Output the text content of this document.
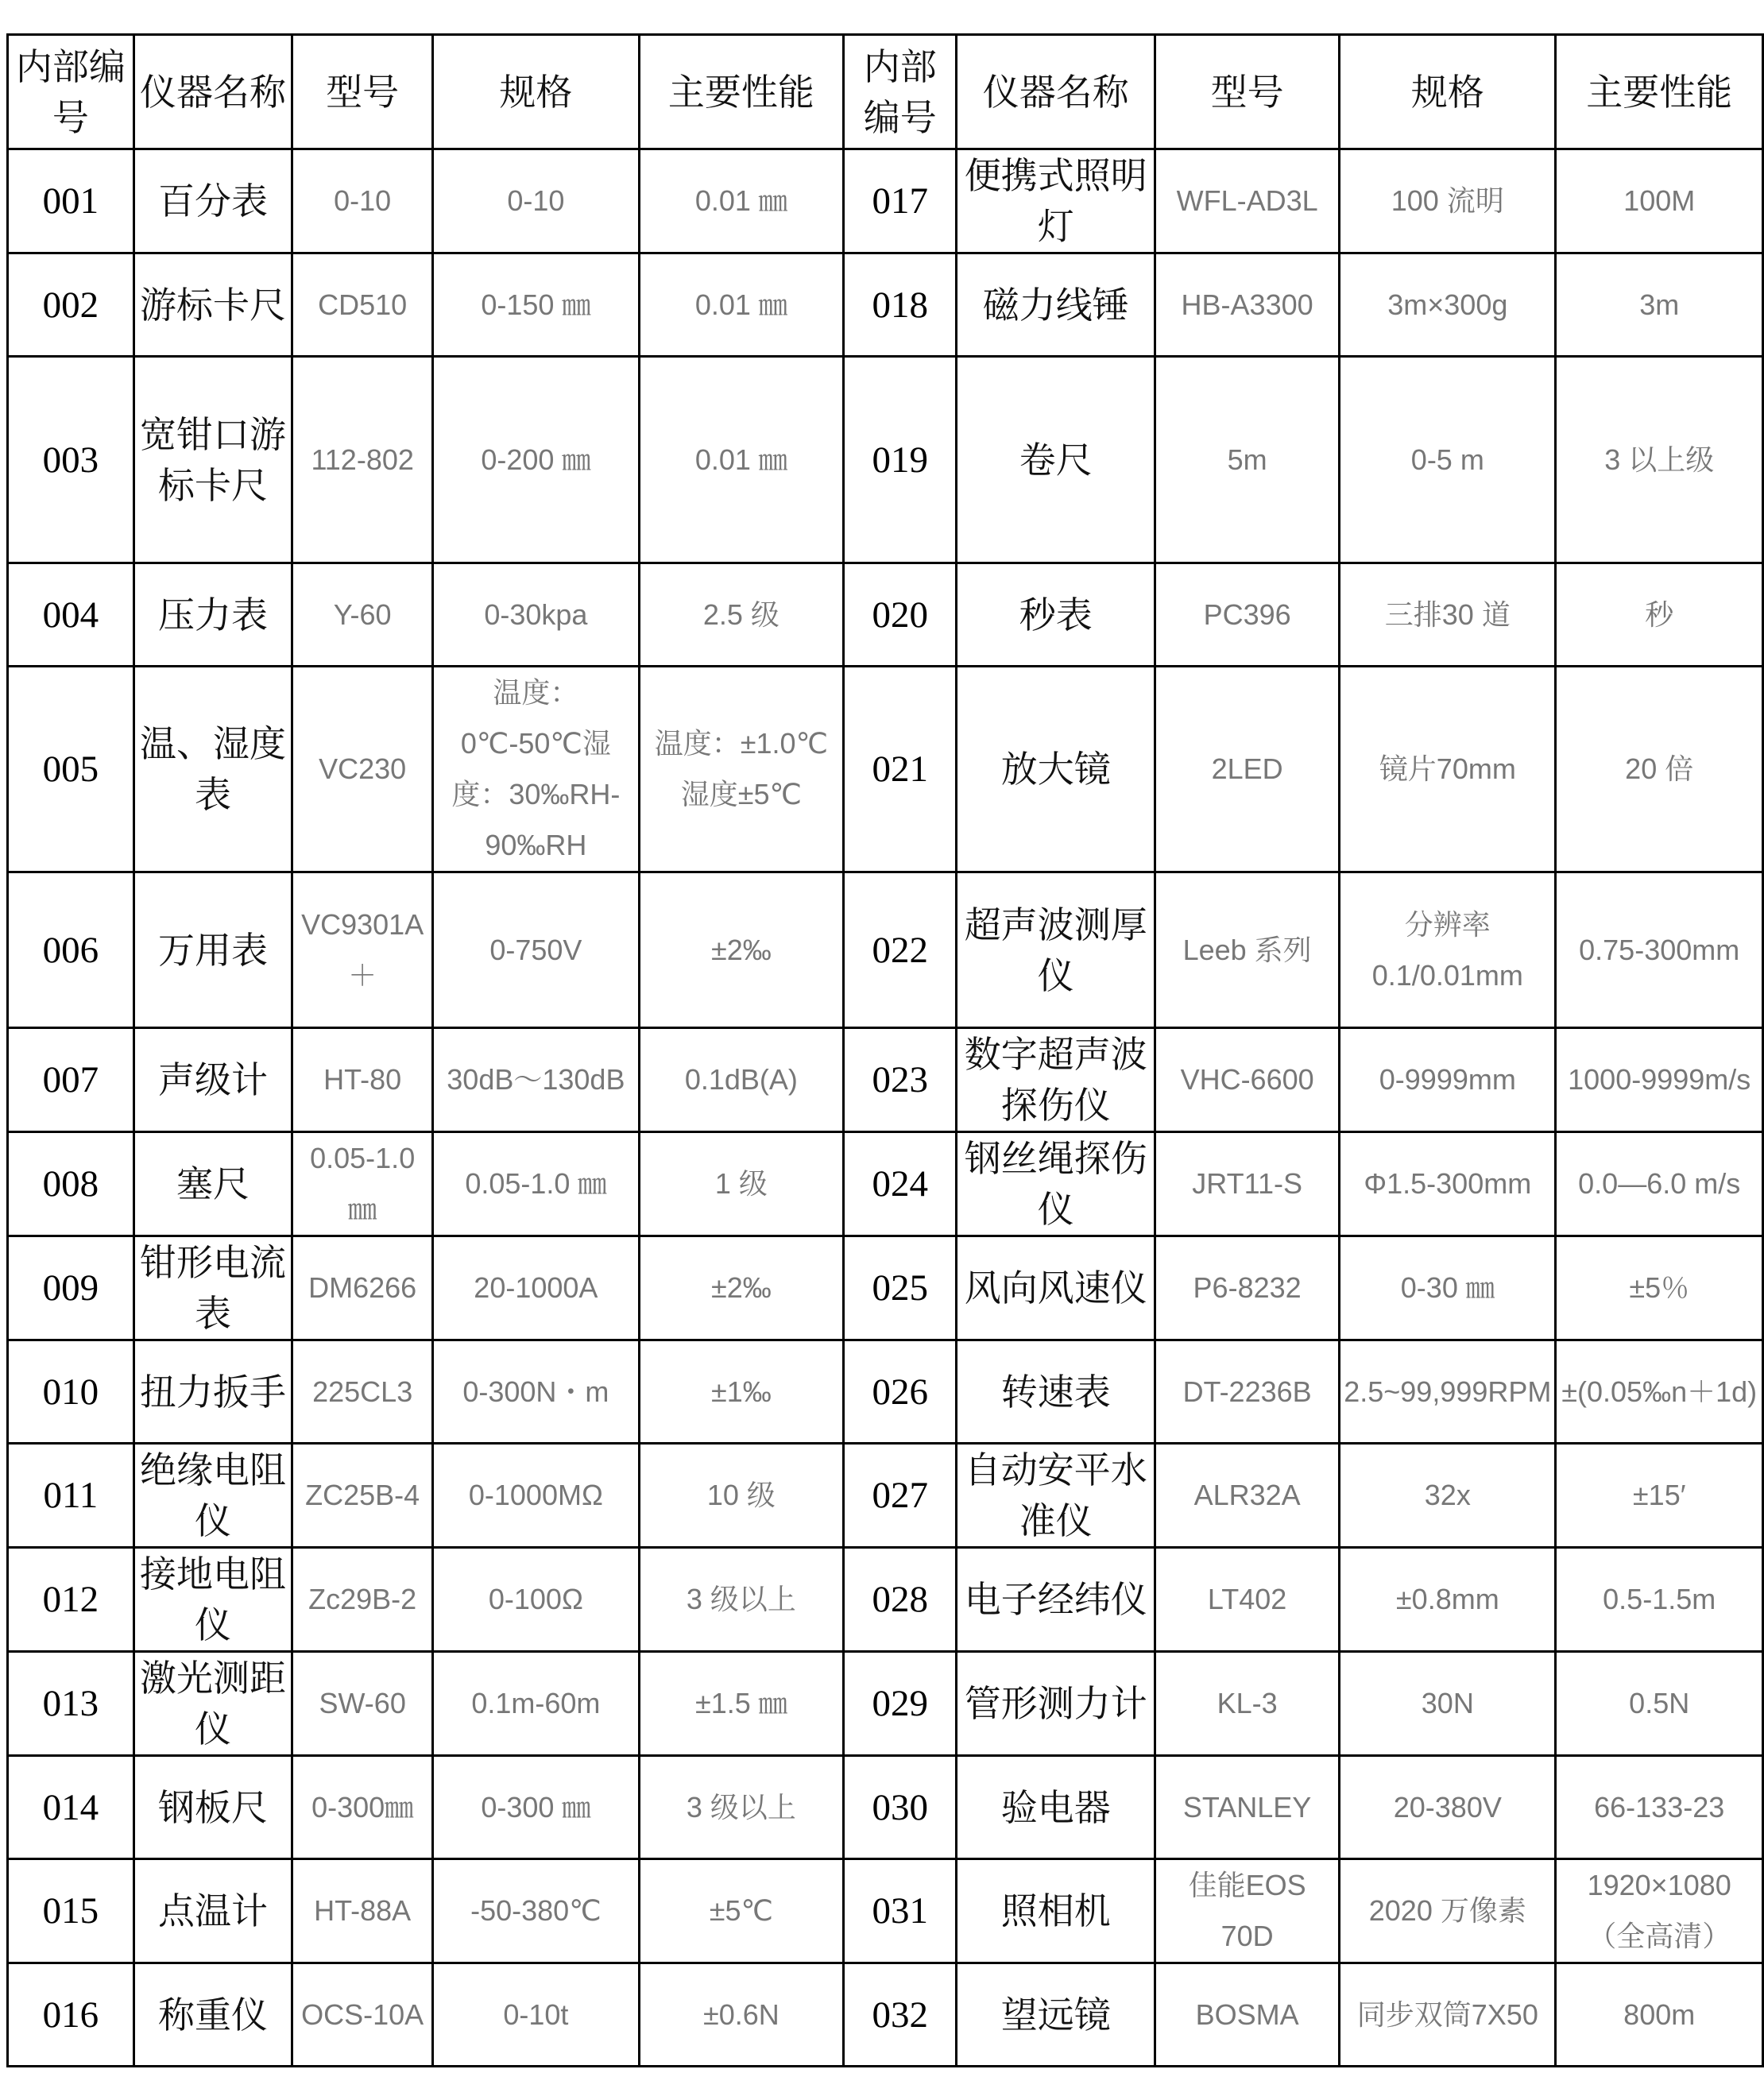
内部编号	仪器名称	型号	规格	主要性能	内部编号	仪器名称	型号	规格	主要性能
001	百分表	0-10	0-10	0.01 ㎜	017	便携式照明灯	WFL-AD3L	100 流明	100M
002	游标卡尺	CD510	0-150 ㎜	0.01 ㎜	018	磁力线锤	HB-A3300	3m×300g	3m
003	宽钳口游标卡尺	112-802	0-200 ㎜	0.01 ㎜	019	卷尺	5m	0-5 m	3 以上级
004	压力表	Y-60	0-30kpa	2.5 级	020	秒表	PC396	三排30 道	秒
005	温、湿度表	VC230	温度：0℃-50℃湿度：30‰RH-90‰RH	温度：±1.0℃湿度±5℃	021	放大镜	2LED	镜片70mm	20 倍
006	万用表	VC9301A＋	0-750V	±2‰	022	超声波测厚仪	Leeb 系列	分辨率0.1/0.01mm	0.75-300mm
007	声级计	HT-80	30dB～130dB	0.1dB(A)	023	数字超声波探伤仪	VHC-6600	0-9999mm	1000-9999m/s
008	塞尺	0.05-1.0 ㎜	0.05-1.0 ㎜	1 级	024	钢丝绳探伤仪	JRT11-S	Φ1.5-300mm	0.0—6.0 m/s
009	钳形电流表	DM6266	20-1000A	±2‰	025	风向风速仪	P6-8232	0-30 ㎜	±5％
010	扭力扳手	225CL3	0-300N・m	±1‰	026	转速表	DT-2236B	2.5~99,999RPM	±(0.05‰n＋1d)
011	绝缘电阻仪	ZC25B-4	0-1000MΩ	10 级	027	自动安平水准仪	ALR32A	32x	±15′
012	接地电阻仪	Zc29B-2	0-100Ω	3 级以上	028	电子经纬仪	LT402	±0.8mm	0.5-1.5m
013	激光测距仪	SW-60	0.1m-60m	±1.5 ㎜	029	管形测力计	KL-3	30N	0.5N
014	钢板尺	0-300㎜	0-300 ㎜	3 级以上	030	验电器	STANLEY	20-380V	66-133-23
015	点温计	HT-88A	-50-380℃	±5℃	031	照相机	佳能EOS 70D	2020 万像素	1920×1080（全高清）
016	称重仪	OCS-10A	0-10t	±0.6N	032	望远镜	BOSMA	同步双筒7X50	800m
